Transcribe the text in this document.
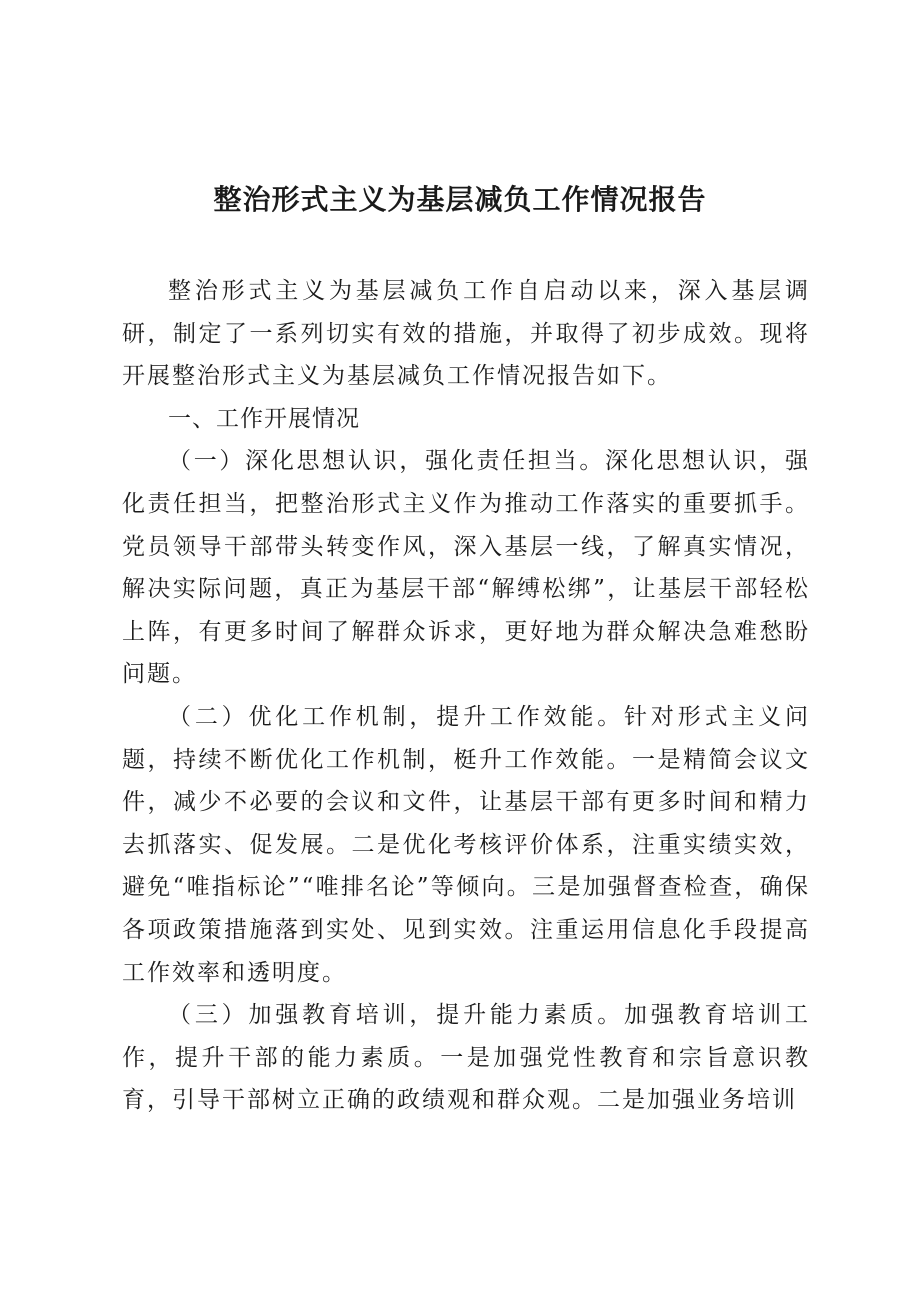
整治形式主义为基层减负工作情况报告

整治形式主义为基层减负工作自启动以来，深入基层调研，制定了一系列切实有效的措施，并取得了初步成效。现将开展整治形式主义为基层减负工作情况报告如下。

一、工作开展情况

（一）深化思想认识，强化责任担当。深化思想认识，强化责任担当，把整治形式主义作为推动工作落实的重要抓手。党员领导干部带头转变作风，深入基层一线，了解真实情况，解决实际问题，真正为基层干部“解缚松绑”，让基层干部轻松上阵，有更多时间了解群众诉求，更好地为群众解决急难愁盼问题。

（二）优化工作机制，提升工作效能。针对形式主义问题，持续不断优化工作机制，梃升工作效能。一是精简会议文件，减少不必要的会议和文件，让基层干部有更多时间和精力去抓落实、促发展。二是优化考核评价体系，注重实绩实效，避免“唯指标论”“唯排名论”等倾向。三是加强督查检查，确保各项政策措施落到实处、见到实效。注重运用信息化手段提高工作效率和透明度。

（三）加强教育培训，提升能力素质。加强教育培训工作，提升干部的能力素质。一是加强党性教育和宗旨意识教育，引导干部树立正确的政绩观和群众观。二是加强业务培训
